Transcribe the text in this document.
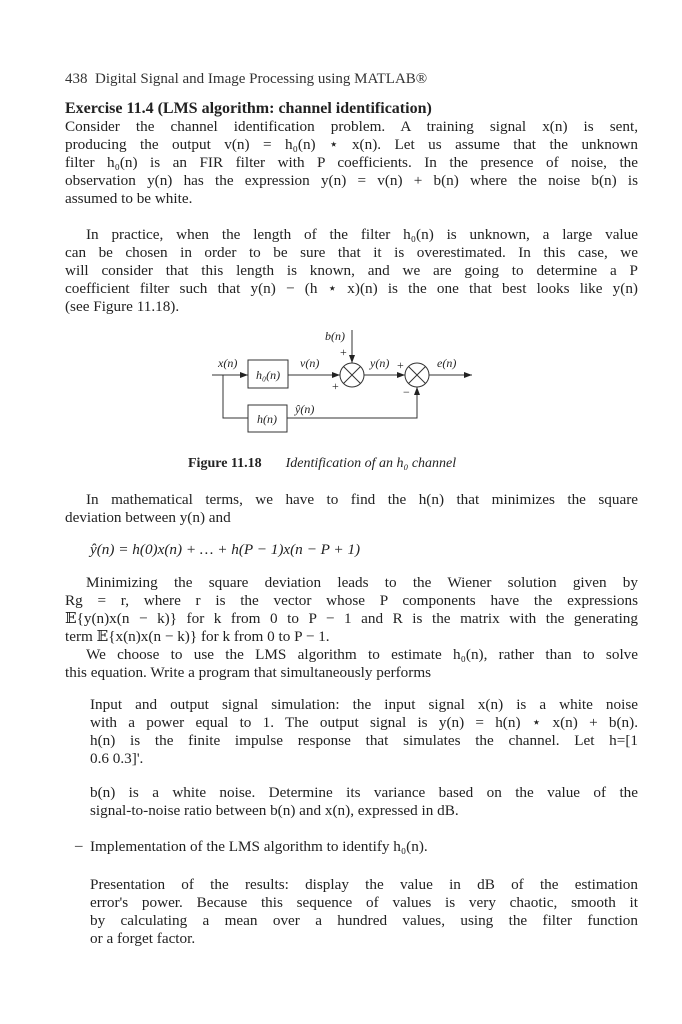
438 Digital Signal and Image Processing using MATLAB®
Exercise 11.4 (LMS algorithm: channel identification)
Consider the channel identification problem. A training signal x(n) is sent,
producing the output v(n) = h₀(n) ⋆ x(n). Let us assume that the unknown
filter h₀(n) is an FIR filter with P coefficients. In the presence of noise, the
observation y(n) has the expression y(n) = v(n) + b(n) where the noise b(n) is
assumed to be white.
In practice, when the length of the filter h₀(n) is unknown, a large value
can be chosen in order to be sure that it is overestimated. In this case, we
will consider that this length is known, and we are going to determine a P
coefficient filter such that y(n) − (h ⋆ x)(n) is the one that best looks like y(n)
(see Figure 11.18).
In mathematical terms, we have to find the h(n) that minimizes the square
deviation between y(n) and
Minimizing the square deviation leads to the Wiener solution given by
Rg = r, where r is the vector whose P components have the expressions
𝔼{y(n)x(n − k)} for k from 0 to P − 1 and R is the matrix with the generating
term 𝔼{x(n)x(n − k)} for k from 0 to P − 1.
We choose to use the LMS algorithm to estimate h₀(n), rather than to solve
this equation. Write a program that simultaneously performs
Input and output signal simulation: the input signal x(n) is a white noise
with a power equal to 1. The output signal is y(n) = h(n) ⋆ x(n) + b(n).
h(n) is the finite impulse response that simulates the channel. Let h=[1
0.6 0.3]'.
b(n) is a white noise. Determine its variance based on the value of the
signal-to-noise ratio between b(n) and x(n), expressed in dB.
Presentation of the results: display the value in dB of the estimation
error's power. Because this sequence of values is very chaotic, smooth it
by calculating a mean over a hundred values, using the filter function
or a forget factor.
Implementation of the LMS algorithm to identify h₀(n).
x(n)
h₀(n)
v(n)
b(n)
+
+
y(n) +
−
e(n)
h(n)
ŷ(n)
Figure 11.18 Identification of an h₀ channel
ŷ(n) = h(0)x(n) + … + h(P − 1)x(n − P + 1)
–
